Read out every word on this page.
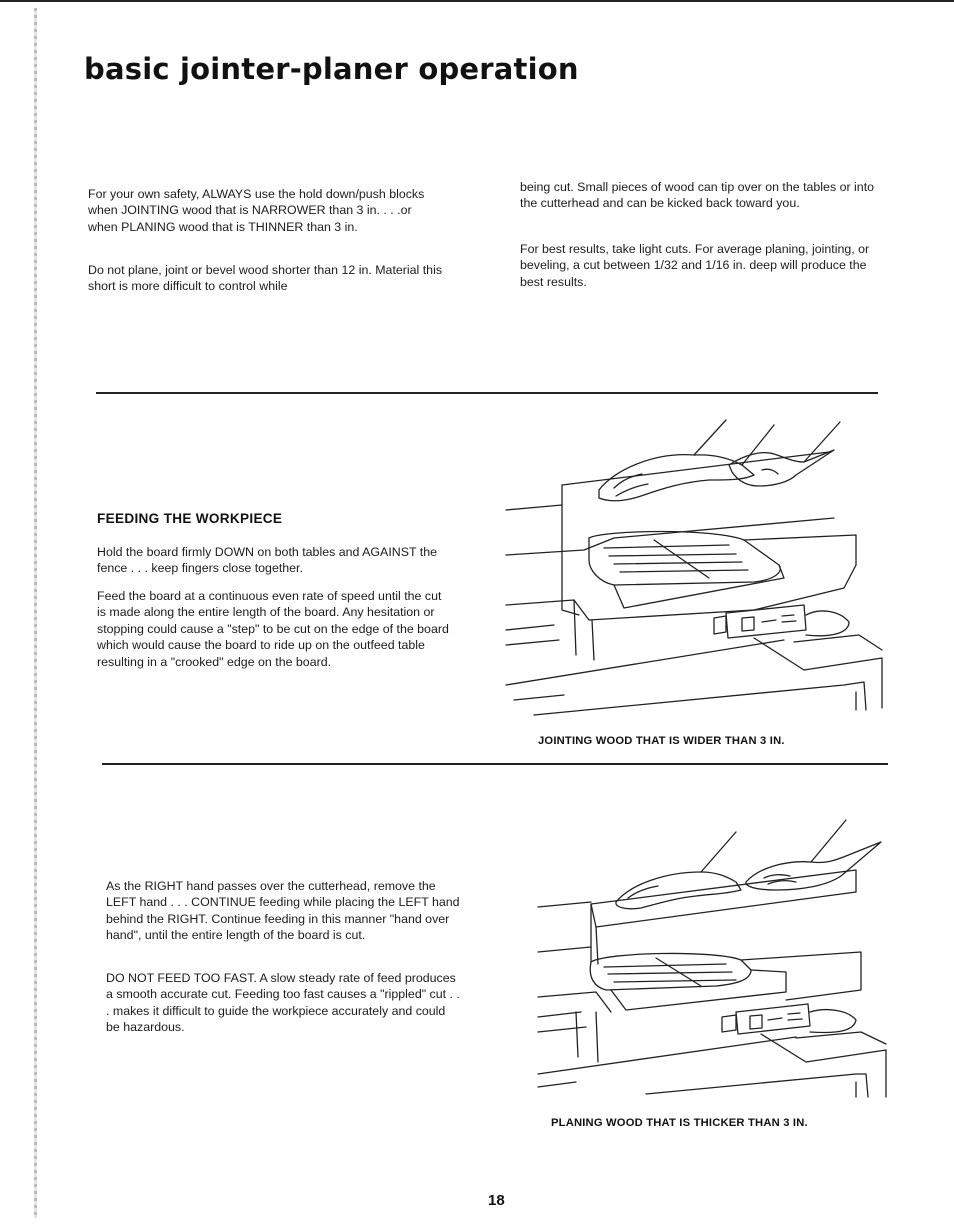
basic jointer-planer operation

For your own safety, ALWAYS use the hold down/push blocks when JOINTING wood that is NARROWER than 3 in. . . .or when PLANING wood that is THINNER than 3 in.

Do not plane, joint or bevel wood shorter than 12 in. Material this short is more difficult to control while

being cut. Small pieces of wood can tip over on the tables or into the cutterhead and can be kicked back toward you.

For best results, take light cuts. For average planing, jointing, or beveling, a cut between 1/32 and 1/16 in. deep will produce the best results.

FEEDING THE WORKPIECE

Hold the board firmly DOWN on both tables and AGAINST the fence . . . keep fingers close together.

Feed the board at a continuous even rate of speed until the cut is made along the entire length of the board. Any hesitation or stopping could cause a "step" to be cut on the edge of the board which would cause the board to ride up on the outfeed table resulting in a "crooked" edge on the board.

JOINTING WOOD THAT IS WIDER THAN 3 IN.

As the RIGHT hand passes over the cutterhead, remove the LEFT hand . . . CONTINUE feeding while placing the LEFT hand behind the RIGHT. Continue feeding in this manner "hand over hand", until the entire length of the board is cut.

DO NOT FEED TOO FAST. A slow steady rate of feed produces a smooth accurate cut. Feeding too fast causes a "rippled" cut . . . makes it difficult to guide the workpiece accurately and could be hazardous.

PLANING WOOD THAT IS THICKER THAN 3 IN.

18
